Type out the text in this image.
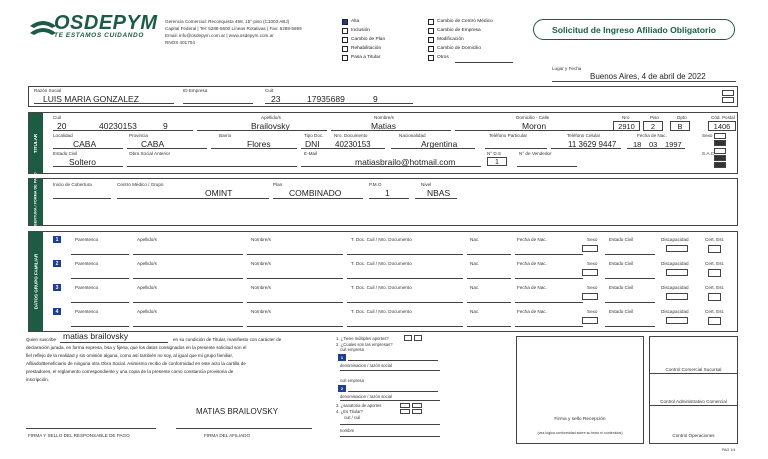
OSDEPYM
TE ESTAMOS CUIDANDO
Gerencia Comercial: Reconquista 458, 15° piso (C1003 ABJ)
Capital Federal | Tel: 5288-5600 Líneas Rotativas | Fax: 5288-5699
Email: info@osdepym.com.ar | www.osdepym.com.ar
RNOS 401704
Alta
Inclusión
Cambio de Plan
Rehabilitación
Pasa a Titular
Cambio de Centro Médico
Cambio de Empresa
Modificación
Cambio de Domicilio
Otros
Solicitud de Ingreso Afiliado Obligatorio
Lugar y Fecha
Buenos Aires, 4 de abril de 2022
Razón Social
LUIS MARIA GONZALEZ
ID Empresa	Cuit
23	17935689	9
TITULAR
Cuil
20	40230153	9
Apellido/s
Brailovsky
Nombre/s
Matias
Domicilio - Calle
Moron
Nro
2910
Piso
2
Dpto
B
Cód. Postal
1406
Localidad
CABA
Provincia
CABA
Barrio
Flores
Tipo Doc.
DNI
Nro. Documento
40230153
Nacionalidad
Argentina
Teléfono Particular	Teléfono Celular
11 3629 9447
Fecha de Nac.
18 03 1997
Sexo
Estado Civil
Soltero
Obra Social Anterior	E-Mail
matiasbrailo@hotmail.com
N° D.S
1
N° de Vendedor	S.A.C
COBERTURA / FORMA DE PAGO	Inicio de Cobertura	Centro Médico / Grupo
OMINT
Plan
COMBINADO
P.M.O
1
Nivel
NBAS
DATOS GRUPO FAMILIAR
1	Parentesco	Apellido/s	Nombre/s	T. Doc. Cuil / Nro. Documento	Nac.	Fecha de Nac.	Sexo	Estado Civil	Discapacidad	Cert. Est.
2	Parentesco	Apellido/s	Nombre/s	T. Doc. Cuil / Nro. Documento	Nac.	Fecha de Nac.	Sexo	Estado Civil	Discapacidad	Cert. Est.
3	Parentesco	Apellido/s	Nombre/s	T. Doc. Cuil / Nro. Documento	Nac.	Fecha de Nac.	Sexo	Estado Civil	Discapacidad	Cert. Est.
4	Parentesco	Apellido/s	Nombre/s	T. Doc. Cuil / Nro. Documento	Nac.	Fecha de Nac.	Sexo	Estado Civil	Discapacidad	Cert. Est.
Quien suscribe matias brailovsky	en su condición de Titular, manifiesto con carácter de
declaración jurada, en forma expresa, bsa y fijena, que los datos consignados en la presente solicitud son el
fiel reflejo de la realidad y sin omisión alguna, como así también no soy, al igual que mi grupo familiar,
Afiliado/Beneficiario de ninguna otra Obra Social. Asimismo recibo de conformidad en este acto la cartilla de
prestadores, el reglamento correspondiente y una copia de la presente como constancia provisoria de
inscripción.
MATIAS BRAILOVSKY
FIRMA Y SELLO DEL RESPONSABLE DE PAGO	FIRMA DEL AFILIADO
1. ¿Tiene múltiples aportes?
2. ¿Cuales son las empresas?
cuit empresa
1
denominacion / razón social
cuit empresa
2
denominacion / razón social
3. ¿sanatoria de aportes
4. ¿Es Titular?
cuit / cuil
nombre
Firma y sello Recepción
(vea lógica conformidad sobre su texto ni contenidos)
Control Comercial Sucursal
Control Administrativo Comercial
Control Operaciones
PAG 1/4
